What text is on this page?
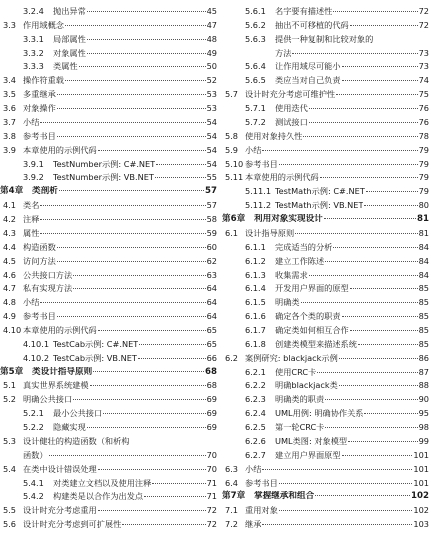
3.2.4	抛出异常	45
3.3 作用域概念	47
3.3.1	局部属性	48
3.3.2	对象属性	49
3.3.3	类属性	50
3.4 操作符重载	52
3.5 多重继承	53
3.6 对象操作	53
3.7 小结	54
3.8 参考书目	54
3.9 本章使用的示例代码	54
3.9.1	TestNumber示例: C#.NET	54
3.9.2	TestNumber示例: VB.NET	55
第4章	类剖析	57
4.1 类名	57
4.2 注释	58
4.3 属性	59
4.4 构造函数	60
4.5 访问方法	62
4.6 公共接口方法	63
4.7 私有实现方法	64
4.8 小结	64
4.9 参考书目	64
4.10 本章使用的示例代码	65
4.10.1 TestCab示例: C#.NET	65
4.10.2 TestCab示例: VB.NET	66
第5章	类设计指导原则	68
5.1 真实世界系统建模	68
5.2 明确公共接口	69
5.2.1	最小公共接口	69
5.2.2	隐藏实现	69
5.3 设计健壮的构造函数（和析构
函数）	70
5.4 在类中设计错误处理	70
5.4.1	对类建立文档以及使用注释	71
5.4.2	构建类是以合作为出发点	71
5.5 设计时充分考虑重用	72
5.6 设计时充分考虑到可扩展性	72
5.6.1	名字要有描述性	72
5.6.2	抽出不可移植的代码	72
5.6.3	提供一种复制和比较对象的
方法	73
5.6.4	让作用域尽可能小	73
5.6.5	类应当对自己负责	74
5.7 设计时充分考虑可维护性	75
5.7.1	使用迭代	76
5.7.2	测试接口	76
5.8 使用对象持久性	78
5.9 小结	79
5.10 参考书目	79
5.11 本章使用的示例代码	79
5.11.1 TestMath示例: C#.NET	79
5.11.2 TestMath示例: VB.NET	80
第6章	利用对象实现设计	81
6.1 设计指导原则	81
6.1.1	完成适当的分析	84
6.1.2	建立工作陈述	84
6.1.3	收集需求	84
6.1.4	开发用户界面的原型	85
6.1.5	明确类	85
6.1.6	确定各个类的职责	85
6.1.7	确定类如何相互合作	85
6.1.8	创建类模型来描述系统	85
6.2 案例研究: blackjack示例	86
6.2.1	使用CRC卡	87
6.2.2	明确blackjack类	88
6.2.3	明确类的职责	90
6.2.4	UML用例: 明确协作关系	95
6.2.5	第一轮CRC卡	98
6.2.6	UML类图: 对象模型	99
6.2.7	建立用户界面原型	101
6.3 小结	101
6.4 参考书目	101
第7章	掌握继承和组合	102
7.1 重用对象	102
7.2 继承	103
